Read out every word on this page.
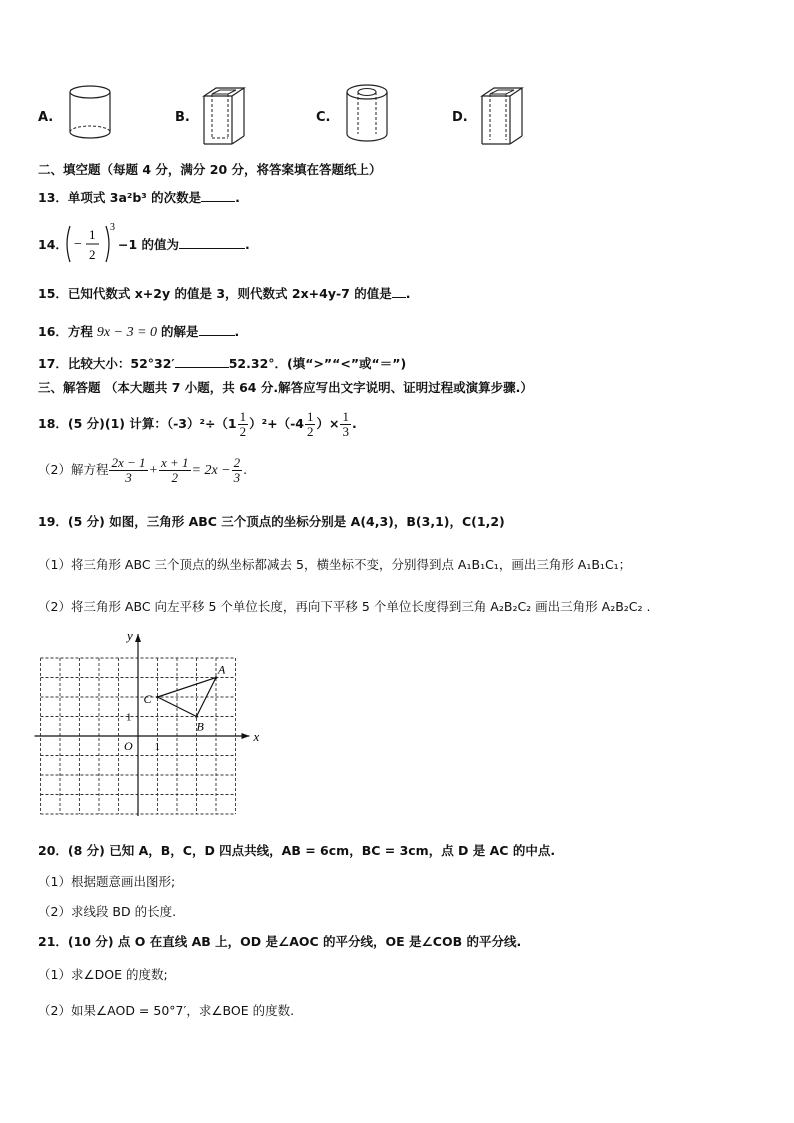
A.	B.	C.	D.
二、填空题（每题 4 分，满分 20 分，将答案填在答题纸上）
13．单项式 3a²b³ 的次数是	.
14． −
1
2
3
−1 的值为	.
15．已知代数式 x+2y 的值是 3，则代数式 2x+4y-7 的值是 .
16．方程 9x − 3 = 0 的解是	.
17．比较大小：52°32′	52.32°．(填“>”“<”或“＝”)
三、解答题 （本大题共 7 小题，共 64 分.解答应写出文字说明、证明过程或演算步骤.）
18．(5 分)(1) 计算：$(-3)^2\div(1 \frac{1}{2} )^2+(-4 \frac{1}{2}$ ）× $\frac{1}{3}$ .
（2）解方程 $\frac{2x - 1}{3} + \frac{x + 1}{2} = 2x - \frac{2}{3}$ .
19．(5 分) 如图，三角形 ABC 三个顶点的坐标分别是 A(4,3)，B(3,1)，C(1,2)
（1）将三角形 ABC 三个顶点的纵坐标都减去 5，横坐标不变，分别得到点 A₁B₁C₁，画出三角形 A₁B₁C₁；
（2）将三角形 ABC 向左平移 5 个单位长度，再向下平移 5 个单位长度得到三角 A₂B₂C₂ 画出三角形 A₂B₂C₂ .
x
y
O 1
1
A
B
C
20．(8 分) 已知 A，B，C，D 四点共线，AB = 6cm，BC = 3cm，点 D 是 AC 的中点.
（1）根据题意画出图形;
（2）求线段 BD 的长度.
21．(10 分) 点 O 在直线 AB 上，OD 是∠AOC 的平分线，OE 是∠COB 的平分线.
（1）求∠DOE 的度数;
（2）如果∠AOD = 50°7′，求∠BOE 的度数.
